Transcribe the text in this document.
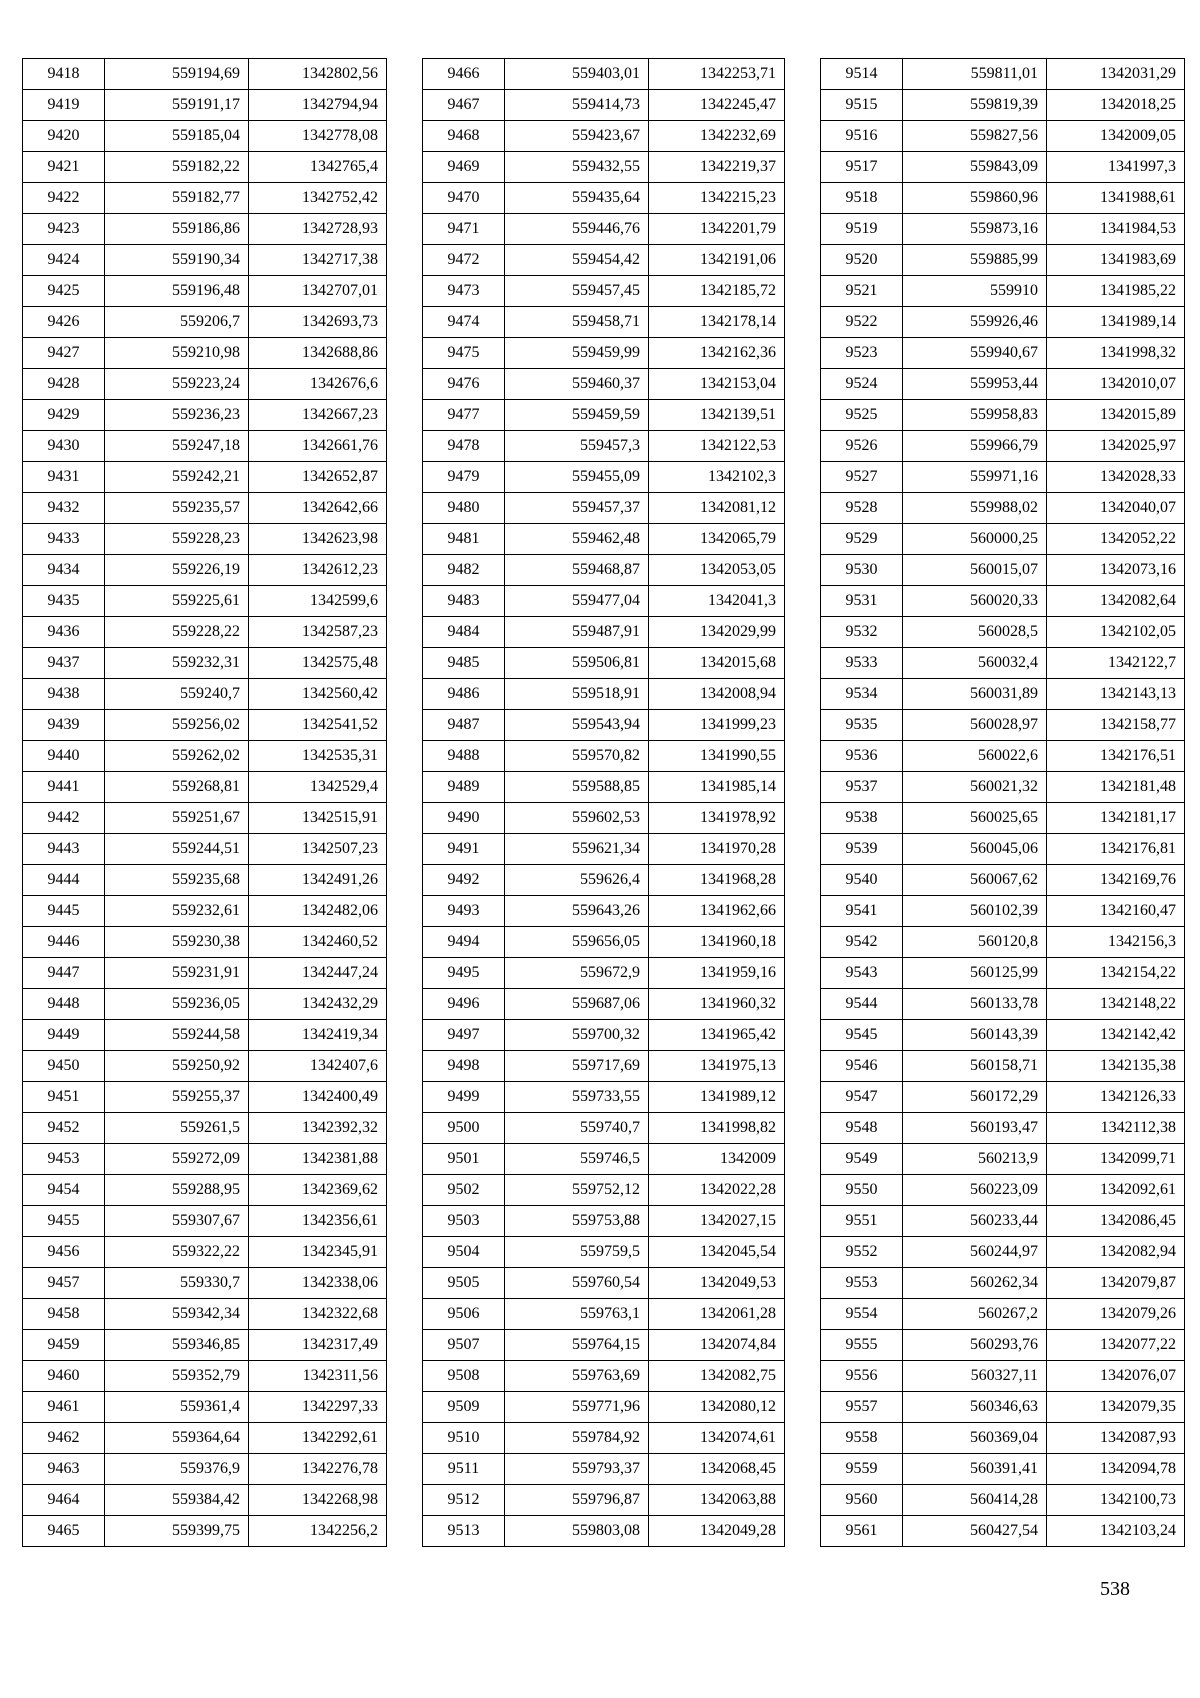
9418	559194,69	1342802,56
9419	559191,17	1342794,94
9420	559185,04	1342778,08
9421	559182,22	1342765,4
9422	559182,77	1342752,42
9423	559186,86	1342728,93
9424	559190,34	1342717,38
9425	559196,48	1342707,01
9426	559206,7	1342693,73
9427	559210,98	1342688,86
9428	559223,24	1342676,6
9429	559236,23	1342667,23
9430	559247,18	1342661,76
9431	559242,21	1342652,87
9432	559235,57	1342642,66
9433	559228,23	1342623,98
9434	559226,19	1342612,23
9435	559225,61	1342599,6
9436	559228,22	1342587,23
9437	559232,31	1342575,48
9438	559240,7	1342560,42
9439	559256,02	1342541,52
9440	559262,02	1342535,31
9441	559268,81	1342529,4
9442	559251,67	1342515,91
9443	559244,51	1342507,23
9444	559235,68	1342491,26
9445	559232,61	1342482,06
9446	559230,38	1342460,52
9447	559231,91	1342447,24
9448	559236,05	1342432,29
9449	559244,58	1342419,34
9450	559250,92	1342407,6
9451	559255,37	1342400,49
9452	559261,5	1342392,32
9453	559272,09	1342381,88
9454	559288,95	1342369,62
9455	559307,67	1342356,61
9456	559322,22	1342345,91
9457	559330,7	1342338,06
9458	559342,34	1342322,68
9459	559346,85	1342317,49
9460	559352,79	1342311,56
9461	559361,4	1342297,33
9462	559364,64	1342292,61
9463	559376,9	1342276,78
9464	559384,42	1342268,98
9465	559399,75	1342256,2
9466	559403,01	1342253,71
9467	559414,73	1342245,47
9468	559423,67	1342232,69
9469	559432,55	1342219,37
9470	559435,64	1342215,23
9471	559446,76	1342201,79
9472	559454,42	1342191,06
9473	559457,45	1342185,72
9474	559458,71	1342178,14
9475	559459,99	1342162,36
9476	559460,37	1342153,04
9477	559459,59	1342139,51
9478	559457,3	1342122,53
9479	559455,09	1342102,3
9480	559457,37	1342081,12
9481	559462,48	1342065,79
9482	559468,87	1342053,05
9483	559477,04	1342041,3
9484	559487,91	1342029,99
9485	559506,81	1342015,68
9486	559518,91	1342008,94
9487	559543,94	1341999,23
9488	559570,82	1341990,55
9489	559588,85	1341985,14
9490	559602,53	1341978,92
9491	559621,34	1341970,28
9492	559626,4	1341968,28
9493	559643,26	1341962,66
9494	559656,05	1341960,18
9495	559672,9	1341959,16
9496	559687,06	1341960,32
9497	559700,32	1341965,42
9498	559717,69	1341975,13
9499	559733,55	1341989,12
9500	559740,7	1341998,82
9501	559746,5	1342009
9502	559752,12	1342022,28
9503	559753,88	1342027,15
9504	559759,5	1342045,54
9505	559760,54	1342049,53
9506	559763,1	1342061,28
9507	559764,15	1342074,84
9508	559763,69	1342082,75
9509	559771,96	1342080,12
9510	559784,92	1342074,61
9511	559793,37	1342068,45
9512	559796,87	1342063,88
9513	559803,08	1342049,28
9514	559811,01	1342031,29
9515	559819,39	1342018,25
9516	559827,56	1342009,05
9517	559843,09	1341997,3
9518	559860,96	1341988,61
9519	559873,16	1341984,53
9520	559885,99	1341983,69
9521	559910	1341985,22
9522	559926,46	1341989,14
9523	559940,67	1341998,32
9524	559953,44	1342010,07
9525	559958,83	1342015,89
9526	559966,79	1342025,97
9527	559971,16	1342028,33
9528	559988,02	1342040,07
9529	560000,25	1342052,22
9530	560015,07	1342073,16
9531	560020,33	1342082,64
9532	560028,5	1342102,05
9533	560032,4	1342122,7
9534	560031,89	1342143,13
9535	560028,97	1342158,77
9536	560022,6	1342176,51
9537	560021,32	1342181,48
9538	560025,65	1342181,17
9539	560045,06	1342176,81
9540	560067,62	1342169,76
9541	560102,39	1342160,47
9542	560120,8	1342156,3
9543	560125,99	1342154,22
9544	560133,78	1342148,22
9545	560143,39	1342142,42
9546	560158,71	1342135,38
9547	560172,29	1342126,33
9548	560193,47	1342112,38
9549	560213,9	1342099,71
9550	560223,09	1342092,61
9551	560233,44	1342086,45
9552	560244,97	1342082,94
9553	560262,34	1342079,87
9554	560267,2	1342079,26
9555	560293,76	1342077,22
9556	560327,11	1342076,07
9557	560346,63	1342079,35
9558	560369,04	1342087,93
9559	560391,41	1342094,78
9560	560414,28	1342100,73
9561	560427,54	1342103,24
538
